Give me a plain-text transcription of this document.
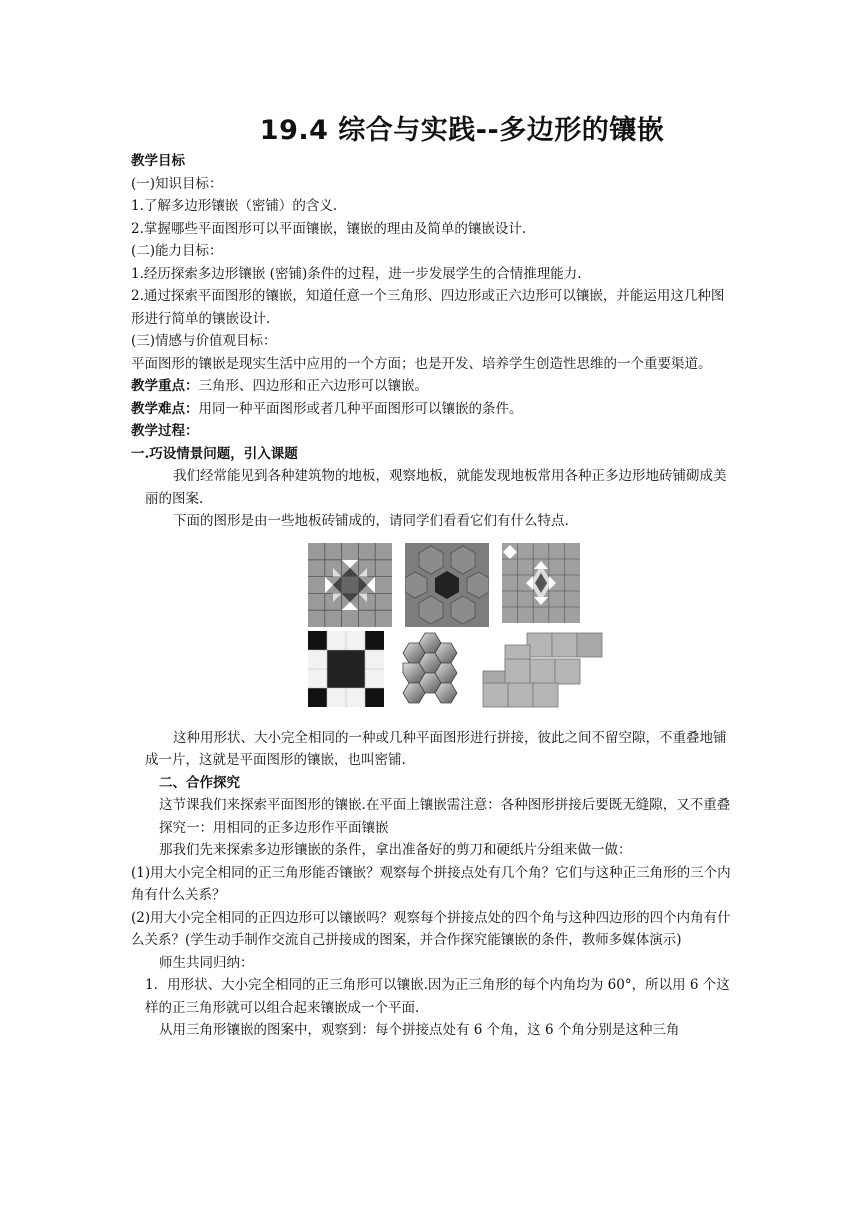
19.4 综合与实践--多边形的镶嵌

教学目标

(一)知识目标：

1.了解多边形镶嵌（密铺）的含义.

2.掌握哪些平面图形可以平面镶嵌，镶嵌的理由及简单的镶嵌设计.

(二)能力目标：

1.经历探索多边形镶嵌 (密铺)条件的过程，进一步发展学生的合情推理能力.

2.通过探索平面图形的镶嵌，知道任意一个三角形、四边形或正六边形可以镶嵌，并能运用这几种图形进行简单的镶嵌设计.

(三)情感与价值观目标：

平面图形的镶嵌是现实生活中应用的一个方面；也是开发、培养学生创造性思维的一个重要渠道。

教学重点：三角形、四边形和正六边形可以镶嵌。

教学难点：用同一种平面图形或者几种平面图形可以镶嵌的条件。

教学过程：

一.巧设情景问题，引入课题

我们经常能见到各种建筑物的地板，观察地板，就能发现地板常用各种正多边形地砖铺砌成美丽的图案.

下面的图形是由一些地板砖铺成的，请同学们看看它们有什么特点.

这种用形状、大小完全相同的一种或几种平面图形进行拼接，彼此之间不留空隙，不重叠地铺成一片，这就是平面图形的镶嵌，也叫密铺.

二、合作探究

这节课我们来探索平面图形的镶嵌.在平面上镶嵌需注意：各种图形拼接后要既无缝隙，又不重叠

探究一：用相同的正多边形作平面镶嵌

那我们先来探索多边形镶嵌的条件，拿出准备好的剪刀和硬纸片分组来做一做：

(1)用大小完全相同的正三角形能否镶嵌？观察每个拼接点处有几个角？它们与这种正三角形的三个内角有什么关系？

(2)用大小完全相同的正四边形可以镶嵌吗？观察每个拼接点处的四个角与这种四边形的四个内角有什么关系？(学生动手制作交流自己拼接成的图案，并合作探究能镶嵌的条件，教师多媒体演示)

师生共同归纳：

1．用形状、大小完全相同的正三角形可以镶嵌.因为正三角形的每个内角均为 60°，所以用 6 个这样的正三角形就可以组合起来镶嵌成一个平面.

从用三角形镶嵌的图案中，观察到：每个拼接点处有 6 个角，这 6 个角分别是这种三角
